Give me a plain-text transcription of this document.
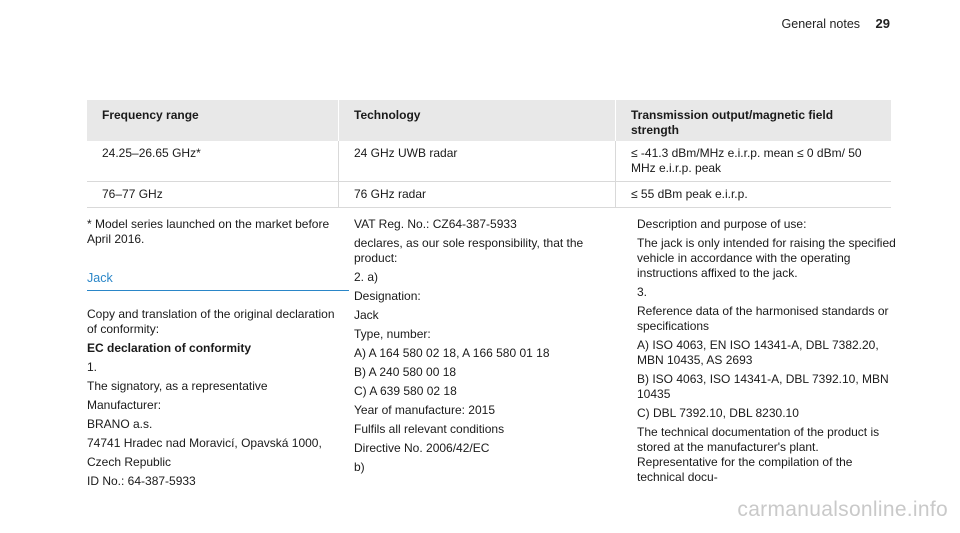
General notes 29
Frequency range	Technology	Transmission output/magnetic field strength
24.25–26.65 GHz*	24 GHz UWB radar	≤ -41.3 dBm/MHz e.i.r.p. mean ≤ 0 dBm/ 50 MHz e.i.r.p. peak
76–77 GHz	76 GHz radar	≤ 55 dBm peak e.i.r.p.

* Model series launched on the market before April 2016.

Jack

Copy and translation of the original declaration of conformity:

EC declaration of conformity

1.

The signatory, as a representative

Manufacturer:

BRANO a.s.

74741 Hradec nad Moravicí, Opavská 1000,

Czech Republic

ID No.: 64-387-5933

VAT Reg. No.: CZ64-387-5933

declares, as our sole responsibility, that the product:

2. a)

Designation:

Jack

Type, number:

A) A 164 580 02 18, A 166 580 01 18

B) A 240 580 00 18

C) A 639 580 02 18

Year of manufacture: 2015

Fulfils all relevant conditions

Directive No. 2006/42/EC

b)

Description and purpose of use:

The jack is only intended for raising the specified vehicle in accordance with the operating instructions affixed to the jack.

3.

Reference data of the harmonised standards or specifications

A) ISO 4063, EN ISO 14341-A, DBL 7382.20, MBN 10435, AS 2693

B) ISO 4063, ISO 14341-A, DBL 7392.10, MBN 10435

C) DBL 7392.10, DBL 8230.10

The technical documentation of the product is stored at the manufacturer's plant. Representative for the compilation of the technical docu-

carmanualsonline.info
